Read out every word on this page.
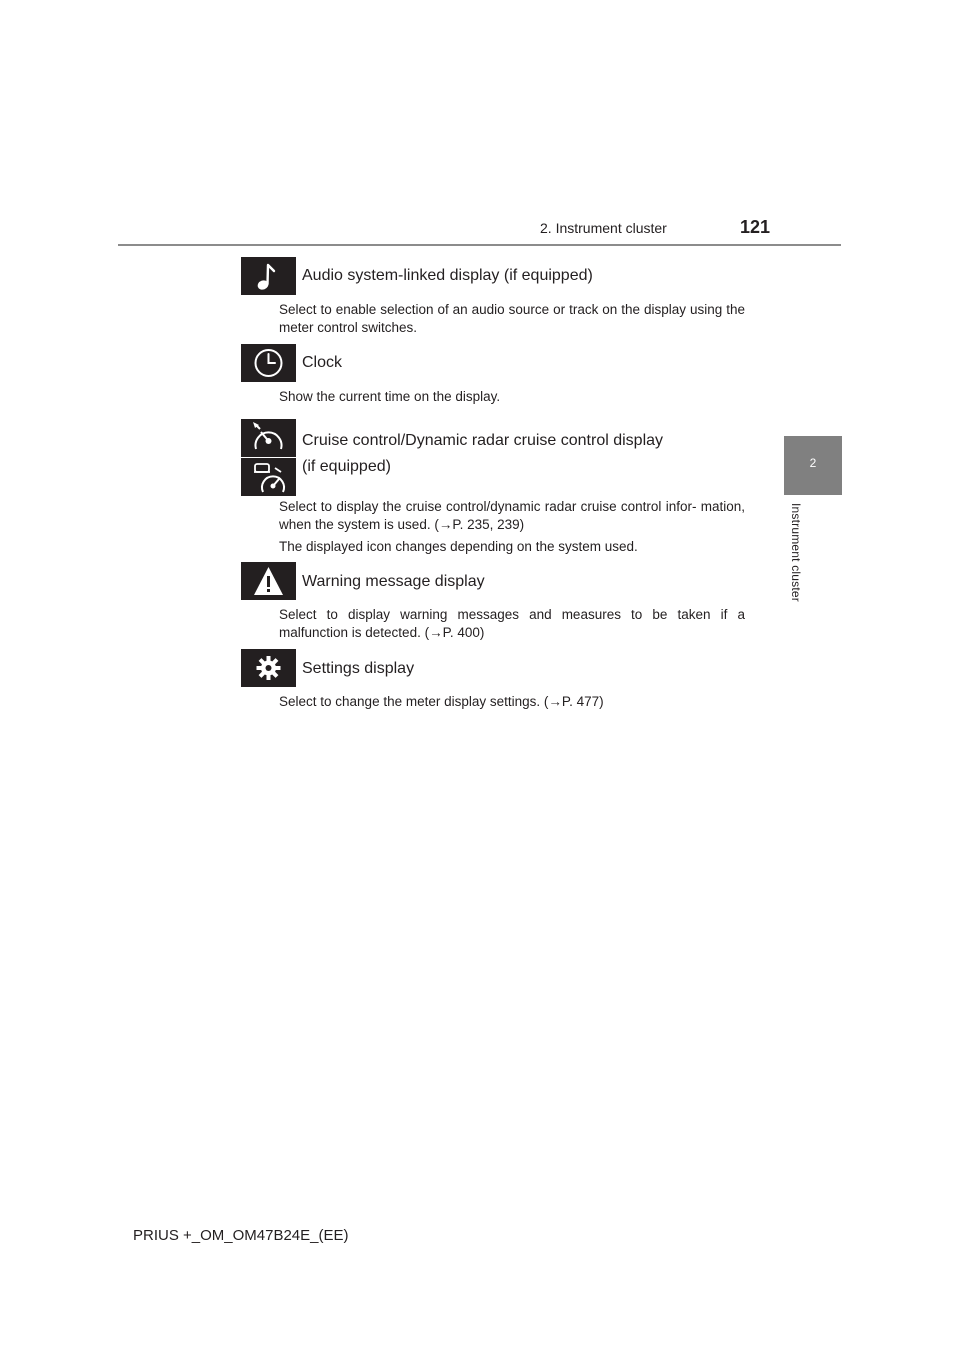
2. Instrument cluster	121
2
Instrument cluster
Audio system-linked display (if equipped)
Select to enable selection of an audio source or track on the display using the meter control switches.
Clock
Show the current time on the display.
Cruise control/Dynamic radar cruise control display
(if equipped)
Select to display the cruise control/dynamic radar cruise control infor- mation, when the system is used. (→P. 235, 239)
The displayed icon changes depending on the system used.
Warning message display
Select to display warning messages and measures to be taken if a malfunction is detected. (→P. 400)
Settings display
Select to change the meter display settings. (→P. 477)
PRIUS +_OM_OM47B24E_(EE)
